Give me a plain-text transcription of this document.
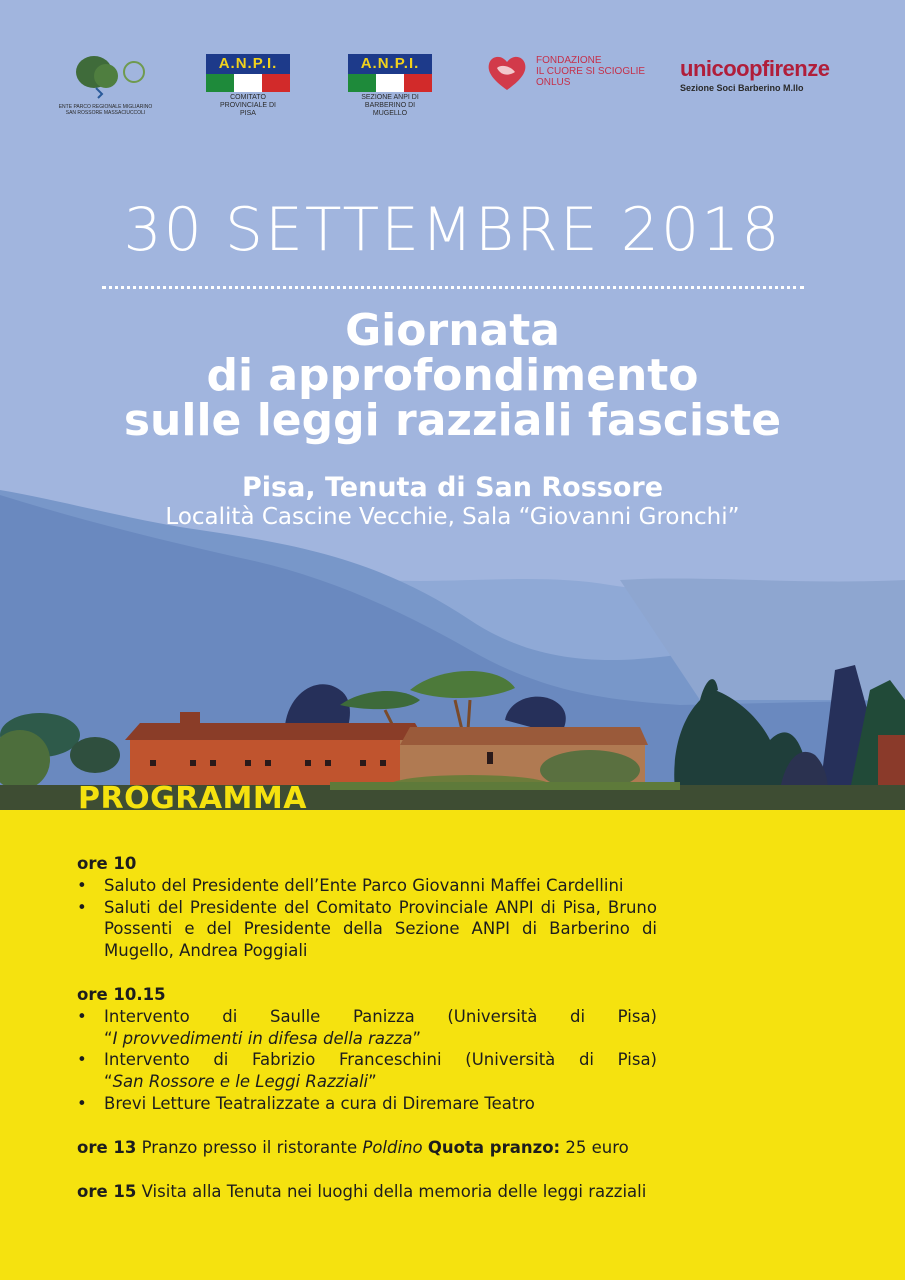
ENTE PARCO REGIONALE MIGLIARINO SAN ROSSORE MASSACIUCCOLI
A.N.P.I.
COMITATO PROVINCIALE DI PISA
A.N.P.I.
SEZIONE ANPI DI BARBERINO DI MUGELLO
FONDAZIONE
IL CUORE SI SCIOGLIE
ONLUS
unicoopfirenze
Sezione Soci Barberino M.llo
30 SETTEMBRE 2018
Giornata
di approfondimento
sulle leggi razziali fasciste
Pisa, Tenuta di San Rossore
Località Cascine Vecchie, Sala “Giovanni Gronchi”
PROGRAMMA
ore 10
• Saluto del Presidente dell’Ente Parco Giovanni Maffei Cardellini
• Saluti del Presidente del Comitato Provinciale ANPI di Pisa, Bruno Possenti e del Presidente della Sezione ANPI di Barberino di Mugello, Andrea Poggiali
ore 10.15
• Intervento di Saulle Panizza (Università di Pisa)
“I provvedimenti in difesa della razza”
• Intervento di Fabrizio Franceschini (Università di Pisa)
“San Rossore e le Leggi Razziali”
• Brevi Letture Teatralizzate a cura di Diremare Teatro
ore 13 Pranzo presso il ristorante Poldino Quota pranzo: 25 euro
ore 15 Visita alla Tenuta nei luoghi della memoria delle leggi razziali
